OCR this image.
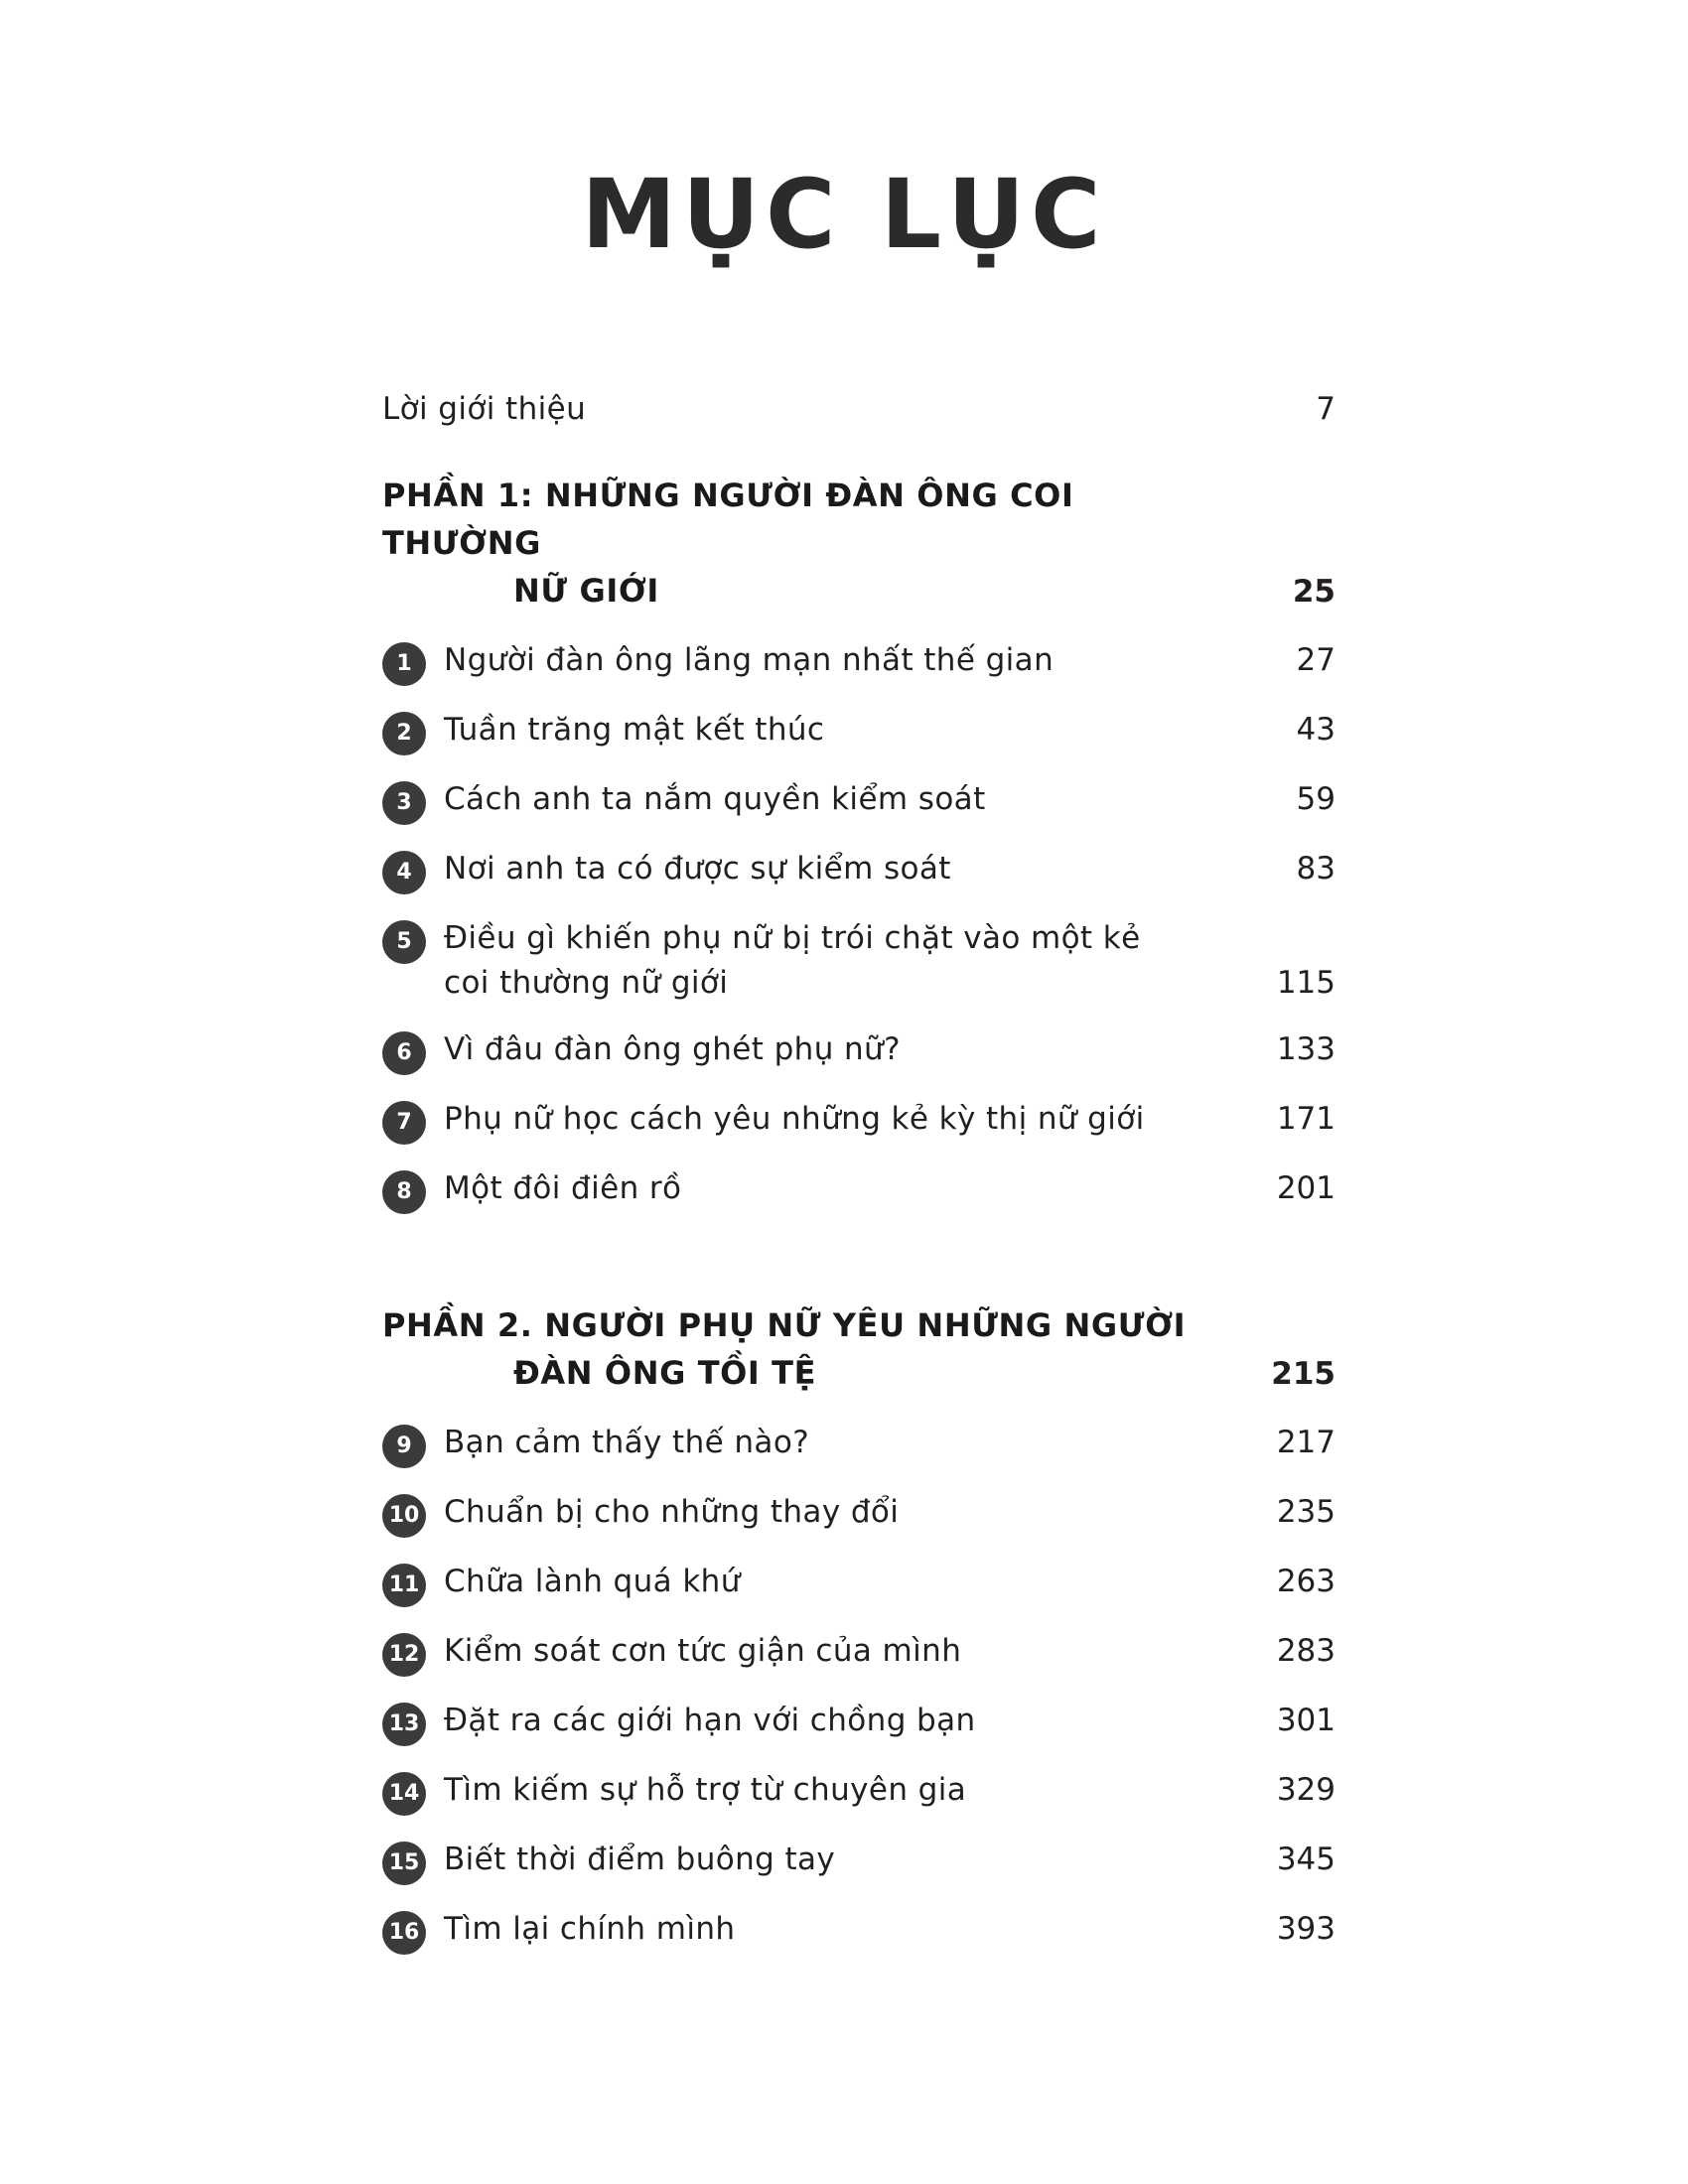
MỤC LỤC
Lời giới thiệu	7
PHẦN 1: NHỮNG NGƯỜI ĐÀN ÔNG COI THƯỜNG
NỮ GIỚI	25
1	Người đàn ông lãng mạn nhất thế gian	27
2	Tuần trăng mật kết thúc	43
3	Cách anh ta nắm quyền kiểm soát	59
4	Nơi anh ta có được sự kiểm soát	83
5	Điều gì khiến phụ nữ bị trói chặt vào một kẻ
coi thường nữ giới	115
6	Vì đâu đàn ông ghét phụ nữ?	133
7	Phụ nữ học cách yêu những kẻ kỳ thị nữ giới	171
8	Một đôi điên rồ	201
PHẦN 2. NGƯỜI PHỤ NỮ YÊU NHỮNG NGƯỜI
ĐÀN ÔNG TỒI TỆ	215
9	Bạn cảm thấy thế nào?	217
10 Chuẩn bị cho những thay đổi	235
11 Chữa lành quá khứ	263
12 Kiểm soát cơn tức giận của mình	283
13 Đặt ra các giới hạn với chồng bạn	301
14 Tìm kiếm sự hỗ trợ từ chuyên gia	329
15 Biết thời điểm buông tay	345
16 Tìm lại chính mình	393
